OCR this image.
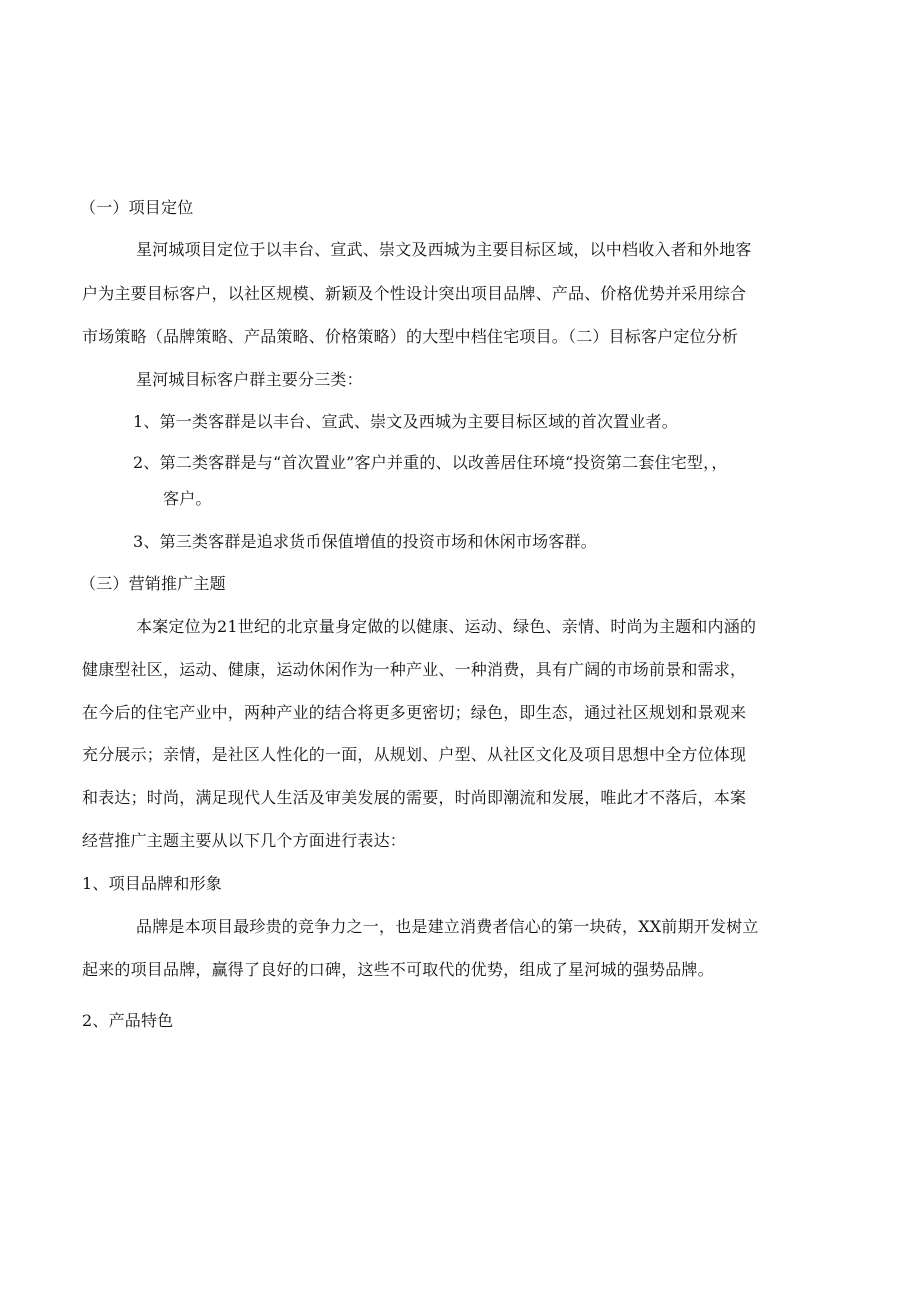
（一）项目定位
星河城项目定位于以丰台、宣武、崇文及西城为主要目标区域，以中档收入者和外地客
户为主要目标客户，以社区规模、新颖及个性设计突出项目品牌、产品、价格优势并采用综合
市场策略（品牌策略、产品策略、价格策略）的大型中档住宅项目。（二）目标客户定位分析
星河城目标客户群主要分三类：
1、第一类客群是以丰台、宣武、崇文及西城为主要目标区域的首次置业者。
2、第二类客群是与“首次置业”客户并重的、以改善居住环境“投资第二套住宅型，，
客户。
3、第三类客群是追求货币保值增值的投资市场和休闲市场客群。
（三）营销推广主题
本案定位为21世纪的北京量身定做的以健康、运动、绿色、亲情、时尚为主题和内涵的
健康型社区，运动、健康，运动休闲作为一种产业、一种消费，具有广阔的市场前景和需求，
在今后的住宅产业中，两种产业的结合将更多更密切；绿色，即生态，通过社区规划和景观来
充分展示；亲情，是社区人性化的一面，从规划、户型、从社区文化及项目思想中全方位体现
和表达；时尚，满足现代人生活及审美发展的需要，时尚即潮流和发展，唯此才不落后，本案
经营推广主题主要从以下几个方面进行表达：
1、项目品牌和形象
品牌是本项目最珍贵的竞争力之一，也是建立消费者信心的第一块砖，XX前期开发树立
起来的项目品牌，赢得了良好的口碑，这些不可取代的优势，组成了星河城的强势品牌。
2、产品特色
